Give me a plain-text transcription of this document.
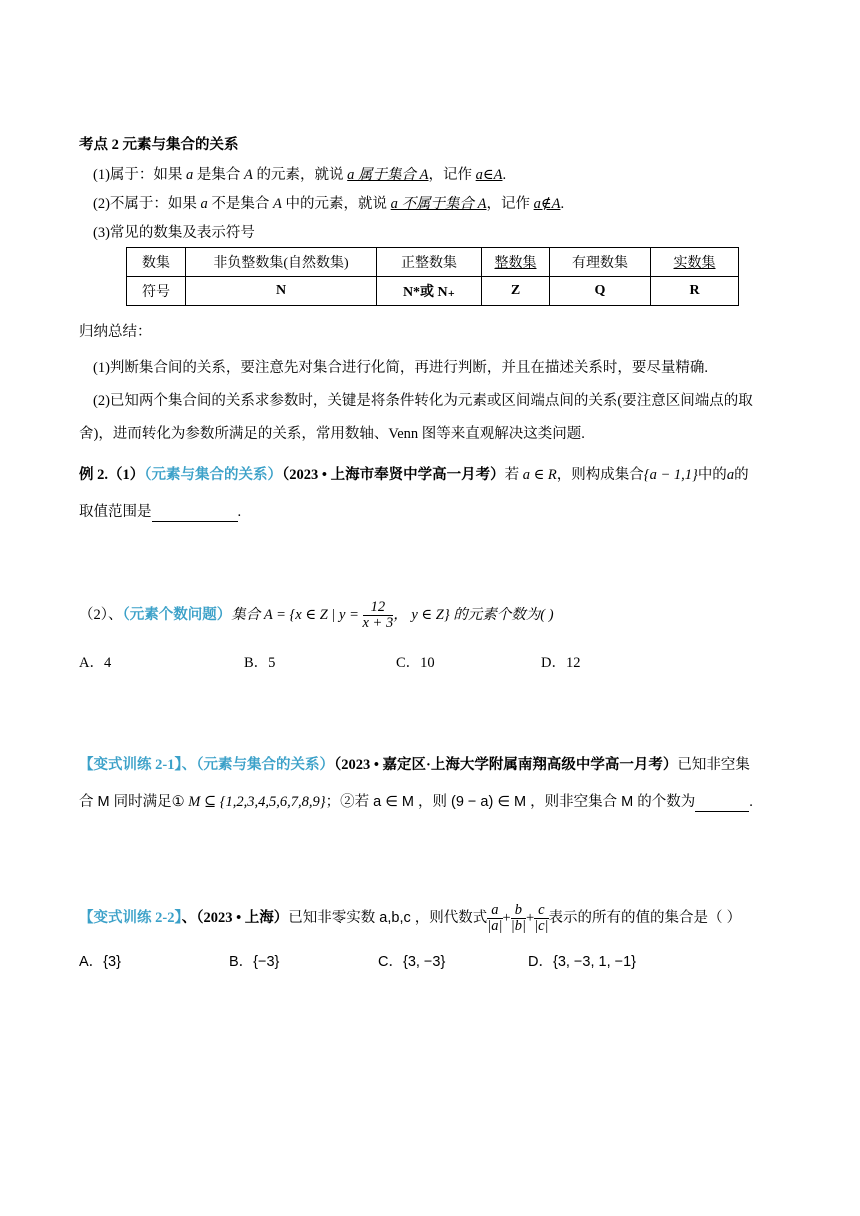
考点 2 元素与集合的关系
(1)属于：如果 a 是集合 A 的元素，就说 a 属于集合 A，记作 a∈A.
(2)不属于：如果 a 不是集合 A 中的元素，就说 a 不属于集合 A，记作 a∉A.
(3)常见的数集及表示符号
数集	非负整数集(自然数集)	正整数集	整数集	有理数集	实数集
符号	N	N*或 N₊	Z	Q	R
归纳总结：
(1)判断集合间的关系，要注意先对集合进行化简，再进行判断，并且在描述关系时，要尽量精确.
(2)已知两个集合间的关系求参数时，关键是将条件转化为元素或区间端点间的关系(要注意区间端点的取
舍)，进而转化为参数所满足的关系，常用数轴、Venn 图等来直观解决这类问题.
例 2.（1）（元素与集合的关系）（2023 • 上海市奉贤中学高一月考）若 a ∈ R，则构成集合{a − 1,1}中的a的
取值范围是	.
（2）、（元素个数问题）集合 A = {x ∈ Z | $y = \frac{12}{x + 3}$ ， y ∈ Z} 的元素个数为( )
A．4	B．5	C．10	D．12
【变式训练 2-1】、（元素与集合的关系）（2023 • 嘉定区·上海大学附属南翔高级中学高一月考）已知非空集
合 M 同时满足① M ⊆ {1,2,3,4,5,6,7,8,9}；②若 a ∈ M ，则 (9 − a) ∈ M ，则非空集合 M 的个数为	.
【变式训练 2-2】、（2023 • 上海）已知非零实数 a,b,c ，则代数式 $\frac{a}{|a|} + \frac{b}{|b|} + \frac{c}{|c|}$ 表示的所有的值的集合是（ ）
A．{3}	B．{−3}	C．{3, −3}	D．{3, −3, 1, −1}
